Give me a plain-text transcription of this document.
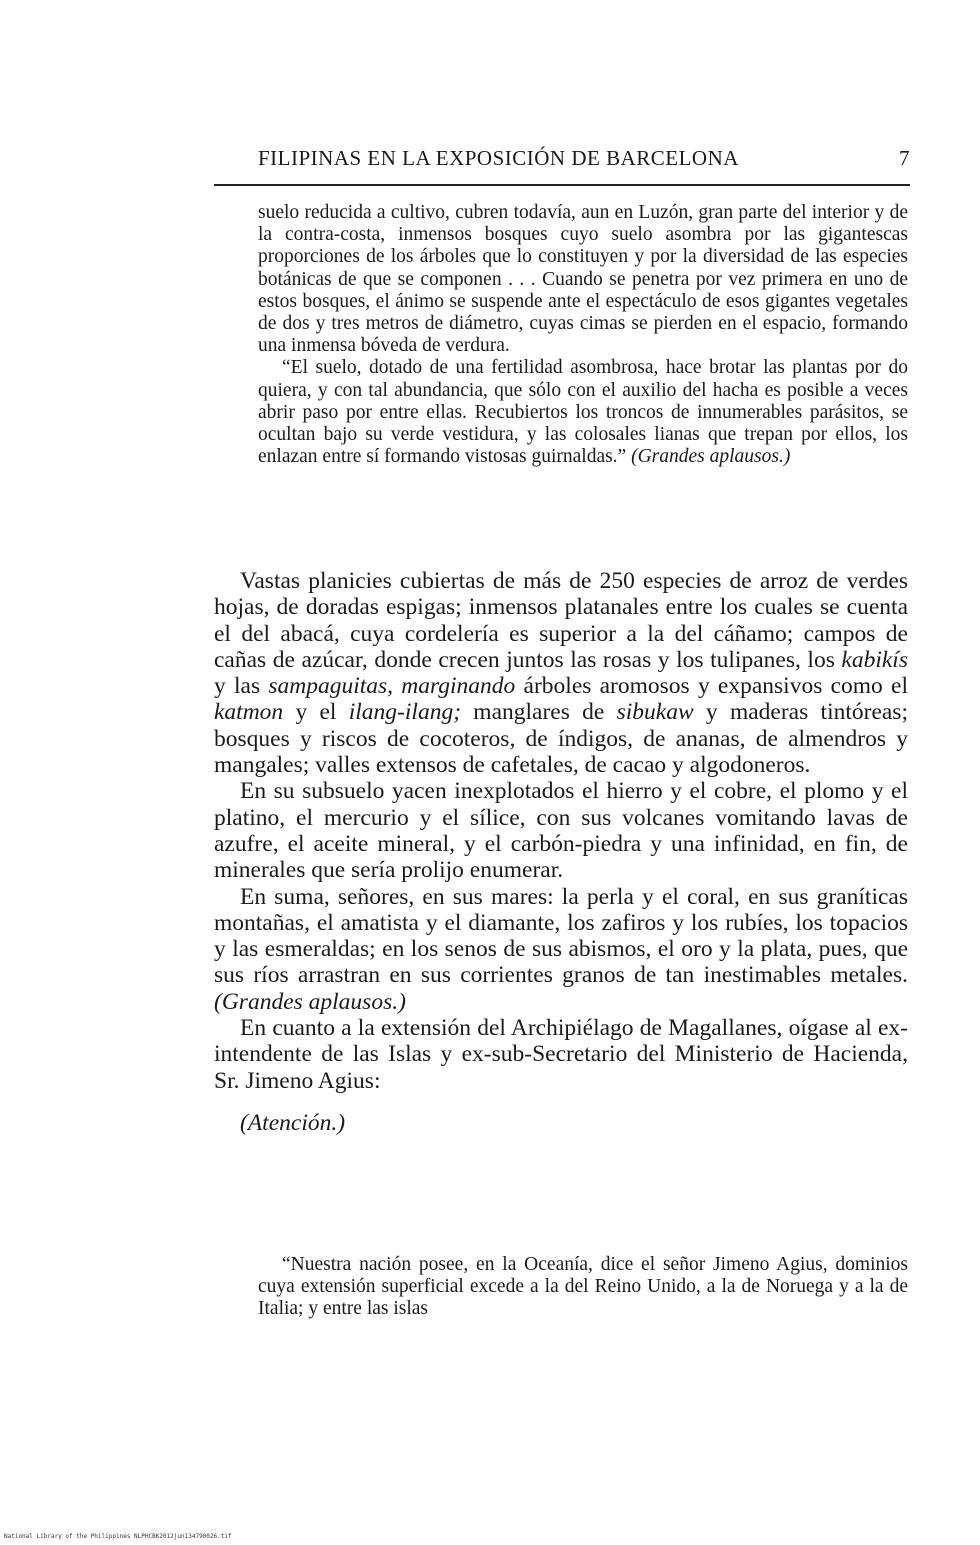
FILIPINAS EN LA EXPOSICIÓN DE BARCELONA	7

suelo reducida a cultivo, cubren todavía, aun en Luzón, gran parte del interior y de la contra-costa, inmensos bosques cuyo suelo asombra por las gigantescas proporciones de los árboles que lo constituyen y por la diversidad de las especies botánicas de que se componen . . . Cuando se penetra por vez primera en uno de estos bosques, el ánimo se suspende ante el espectáculo de esos gigantes vegetales de dos y tres metros de diámetro, cuyas cimas se pierden en el espacio, formando una inmensa bóveda de verdura.

“El suelo, dotado de una fertilidad asombrosa, hace brotar las plantas por do quiera, y con tal abundancia, que sólo con el auxilio del hacha es posible a veces abrir paso por entre ellas. Recubiertos los troncos de innumerables parásitos, se ocultan bajo su verde vestidura, y las colosales lianas que trepan por ellos, los enlazan entre sí formando vistosas guirnaldas.” (Grandes aplausos.)

Vastas planicies cubiertas de más de 250 especies de arroz de verdes hojas, de doradas espigas; inmensos platanales entre los cuales se cuenta el del abacá, cuya cordelería es superior a la del cáñamo; campos de cañas de azúcar, donde crecen juntos las rosas y los tulipanes, los kabikís y las sampaguitas, marginando árboles aromosos y expansivos como el katmon y el ilang-ilang; manglares de sibukaw y maderas tintóreas; bosques y riscos de cocoteros, de índigos, de ananas, de almendros y mangales; valles extensos de cafetales, de cacao y algodoneros.

En su subsuelo yacen inexplotados el hierro y el cobre, el plomo y el platino, el mercurio y el sílice, con sus volcanes vomitando lavas de azufre, el aceite mineral, y el carbón-piedra y una infinidad, en fin, de minerales que sería prolijo enumerar.

En suma, señores, en sus mares: la perla y el coral, en sus graníticas montañas, el amatista y el diamante, los zafiros y los rubíes, los topacios y las esmeraldas; en los senos de sus abismos, el oro y la plata, pues, que sus ríos arrastran en sus corrientes granos de tan inestimables metales. (Grandes aplausos.)

En cuanto a la extensión del Archipiélago de Magallanes, oígase al ex-intendente de las Islas y ex-sub-Secretario del Ministerio de Hacienda, Sr. Jimeno Agius:

(Atención.)

“Nuestra nación posee, en la Oceanía, dice el señor Jimeno Agius, dominios cuya extensión superficial excede a la del Reino Unido, a la de Noruega y a la de Italia; y entre las islas

National Library of the Philippines NLPHCBK2012jun134790026.tif
